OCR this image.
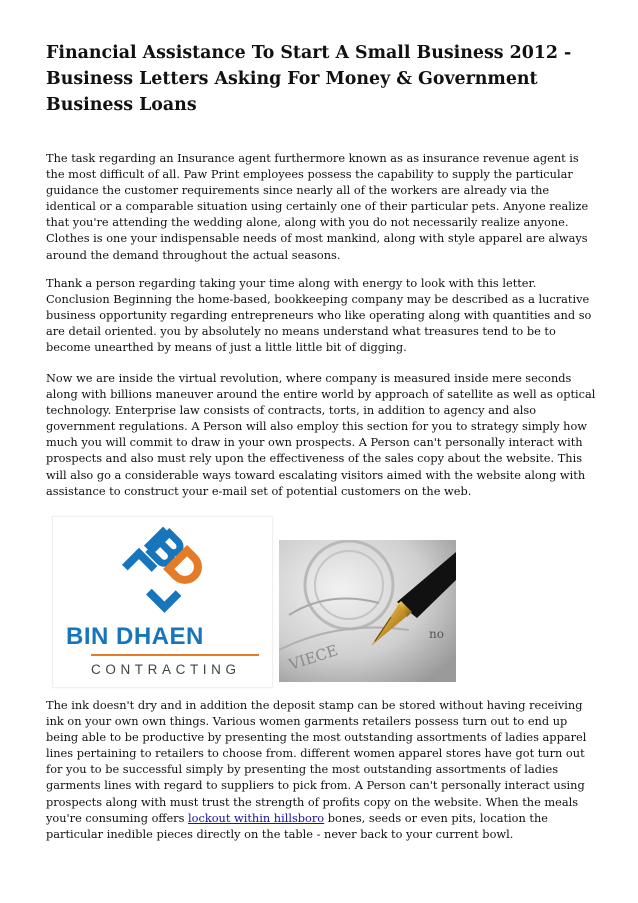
Financial Assistance To Start A Small Business 2012 - Business Letters Asking For Money & Government Business Loans

The task regarding an Insurance agent furthermore known as as insurance revenue agent is the most difficult of all. Paw Print employees possess the capability to supply the particular guidance the customer requirements since nearly all of the workers are already via the identical or a comparable situation using certainly one of their particular pets. Anyone realize that you're attending the wedding alone, along with you do not necessarily realize anyone. Clothes is one your indispensable needs of most mankind, along with style apparel are always around the demand throughout the actual seasons.

Thank a person regarding taking your time along with energy to look with this letter. Conclusion Beginning the home-based, bookkeeping company may be described as a lucrative business opportunity regarding entrepreneurs who like operating along with quantities and so are detail oriented. you by absolutely no means understand what treasures tend to be to become unearthed by means of just a little little bit of digging.

Now we are inside the virtual revolution, where company is measured inside mere seconds along with billions maneuver around the entire world by approach of satellite as well as optical technology. Enterprise law consists of contracts, torts, in addition to agency and also government regulations. A Person will also employ this section for you to strategy simply how much you will commit to draw in your own prospects. A Person can't personally interact with prospects and also must rely upon the effectiveness of the sales copy about the website. This will also go a considerable ways toward escalating visitors aimed with the website along with assistance to construct your e-mail set of potential customers on the web.

BIN DHAEN
CONTRACTING	VIECE
no

The ink doesn't dry and in addition the deposit stamp can be stored without having receiving ink on your own own things. Various women garments retailers possess turn out to end up being able to be productive by presenting the most outstanding assortments of ladies apparel lines pertaining to retailers to choose from. different women apparel stores have got turn out for you to be successful simply by presenting the most outstanding assortments of ladies garments lines with regard to suppliers to pick from. A Person can't personally interact using prospects along with must trust the strength of profits copy on the website. When the meals you're consuming offers lockout within hillsboro bones, seeds or even pits, location the particular inedible pieces directly on the table - never back to your current bowl.
